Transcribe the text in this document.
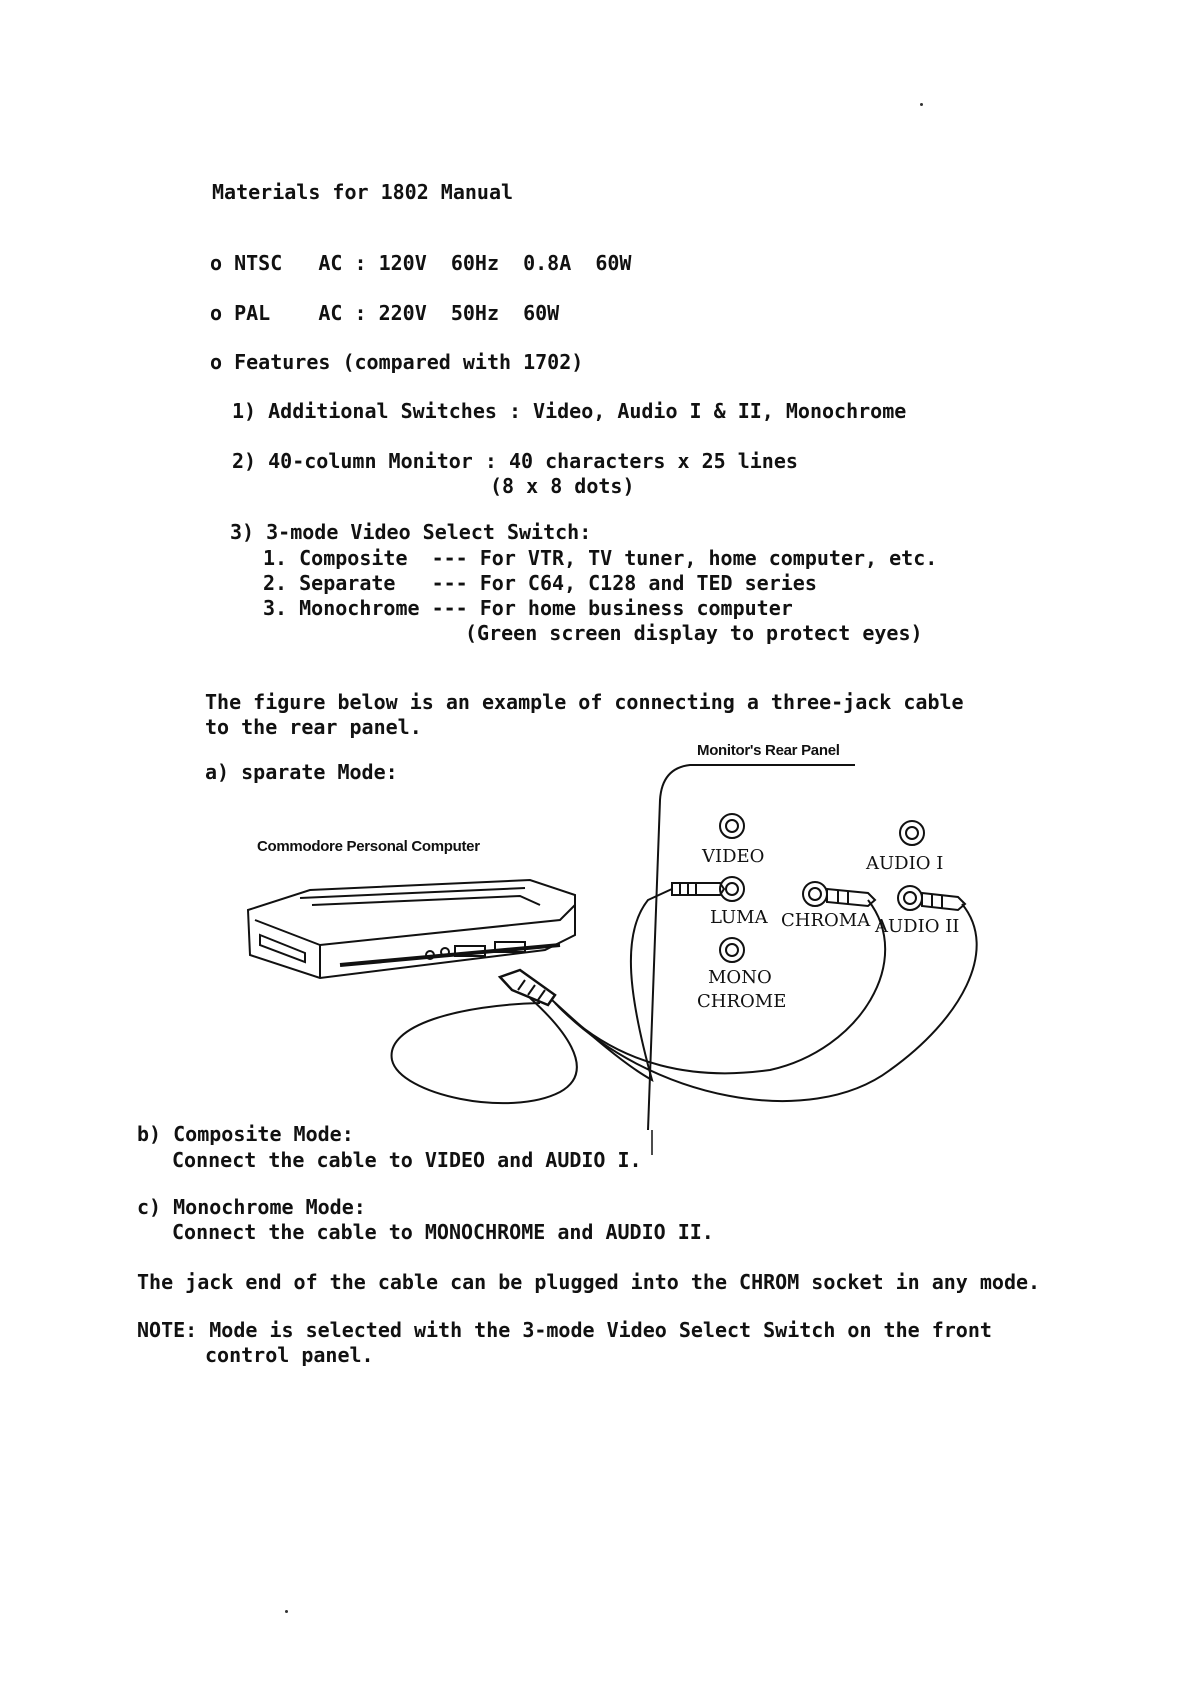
Materials for 1802 Manual
o NTSC   AC : 120V  60Hz  0.8A  60W
o PAL    AC : 220V  50Hz  60W
o Features (compared with 1702)
1) Additional Switches : Video, Audio I & II, Monochrome
2) 40-column Monitor : 40 characters x 25 lines
(8 x 8 dots)
3) 3-mode Video Select Switch:
1. Composite  --- For VTR, TV tuner, home computer, etc.
2. Separate   --- For C64, C128 and TED series
3. Monochrome --- For home business computer
(Green screen display to protect eyes)
The figure below is an example of connecting a three-jack cable
to the rear panel.
a) sparate Mode:
Commodore Personal Computer
Monitor's Rear Panel
VIDEO	AUDIO I
LUMA CHROMA AUDIO II
MONO
CHROME
b) Composite Mode:
Connect the cable to VIDEO and AUDIO I.
c) Monochrome Mode:
Connect the cable to MONOCHROME and AUDIO II.
The jack end of the cable can be plugged into the CHROM socket in any mode.
NOTE: Mode is selected with the 3-mode Video Select Switch on the front
control panel.
